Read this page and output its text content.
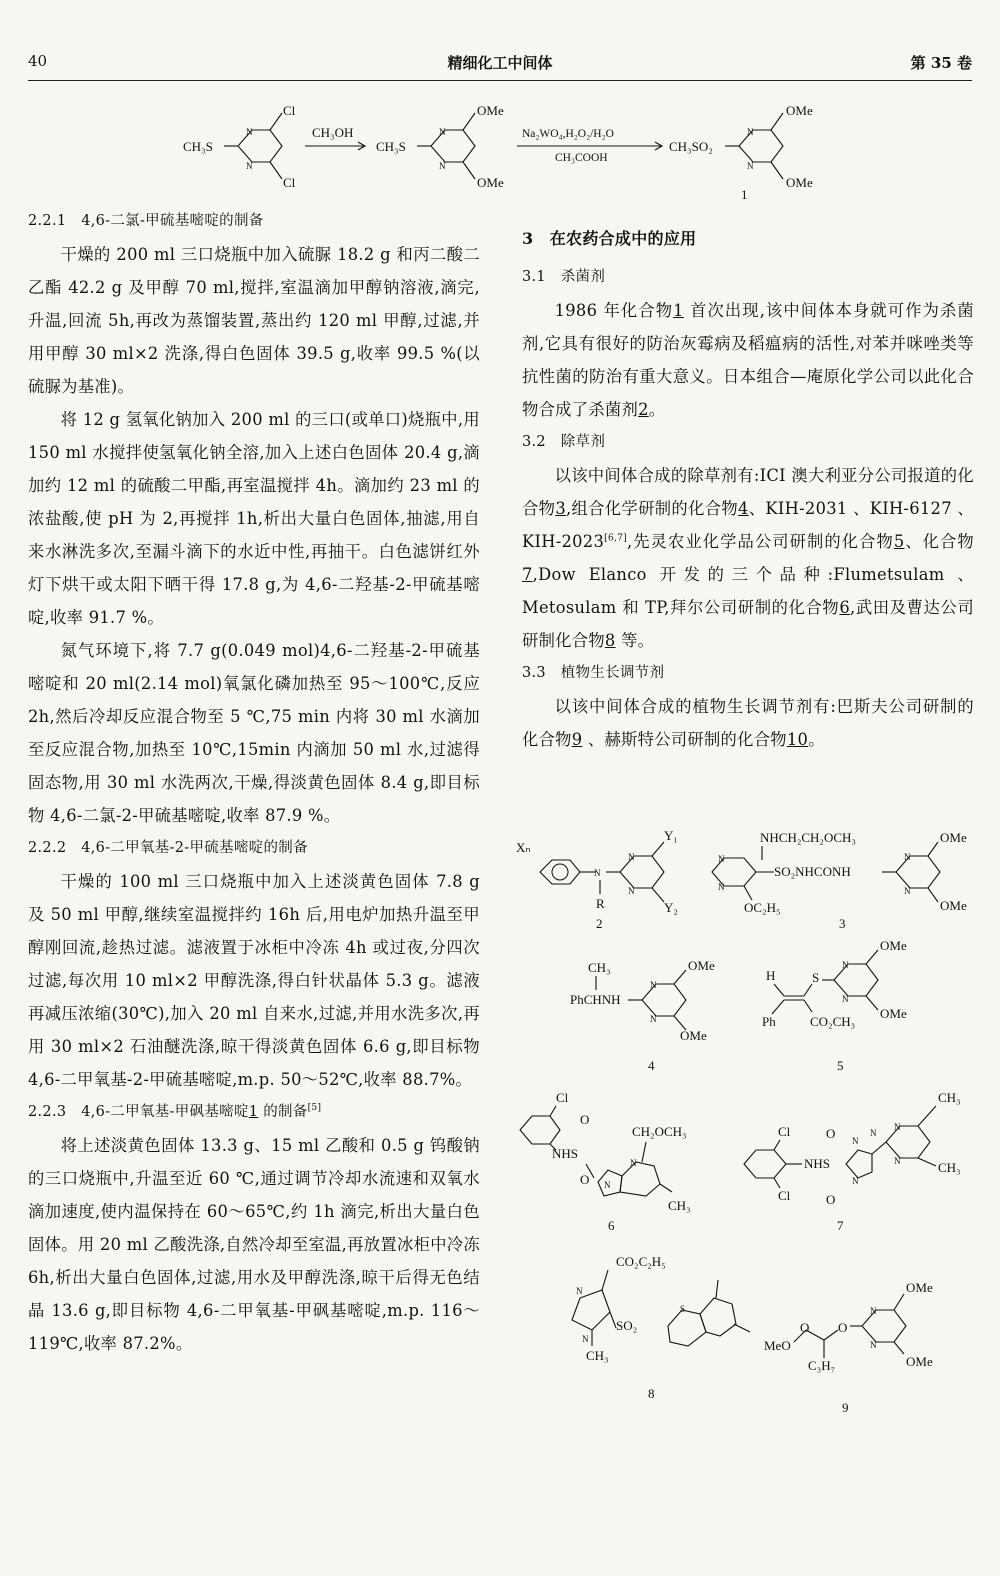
40	精细化工中间体	第 35 卷
CH₃S
N
N
Cl
Cl
CH₃OH
CH₃S
N
N
OMe
OMe
Na₂WO₄,H₂O₂/H₂O
CH₃COOH
CH₃SO₂
N
N
OMe
OMe
1

2.2.1　4,6-二氯-甲硫基嘧啶的制备

干燥的 200 ml 三口烧瓶中加入硫脲 18.2 g 和丙二酸二乙酯 42.2 g 及甲醇 70 ml,搅拌,室温滴加甲醇钠溶液,滴完,升温,回流 5h,再改为蒸馏装置,蒸出约 120 ml 甲醇,过滤,并用甲醇 30 ml×2 洗涤,得白色固体 39.5 g,收率 99.5 %(以硫脲为基准)。

将 12 g 氢氧化钠加入 200 ml 的三口(或单口)烧瓶中,用 150 ml 水搅拌使氢氧化钠全溶,加入上述白色固体 20.4 g,滴加约 12 ml 的硫酸二甲酯,再室温搅拌 4h。滴加约 23 ml 的浓盐酸,使 pH 为 2,再搅拌 1h,析出大量白色固体,抽滤,用自来水淋洗多次,至漏斗滴下的水近中性,再抽干。白色滤饼红外灯下烘干或太阳下晒干得 17.8 g,为 4,6-二羟基-2-甲硫基嘧啶,收率 91.7 %。

氮气环境下,将 7.7 g(0.049 mol)4,6-二羟基-2-甲硫基嘧啶和 20 ml(2.14 mol)氧氯化磷加热至 95～100℃,反应 2h,然后冷却反应混合物至 5 ℃,75 min 内将 30 ml 水滴加至反应混合物,加热至 10℃,15min 内滴加 50 ml 水,过滤得固态物,用 30 ml 水洗两次,干燥,得淡黄色固体 8.4 g,即目标物 4,6-二氯-2-甲硫基嘧啶,收率 87.9 %。

2.2.2　4,6-二甲氧基-2-甲硫基嘧啶的制备

干燥的 100 ml 三口烧瓶中加入上述淡黄色固体 7.8 g 及 50 ml 甲醇,继续室温搅拌约 16h 后,用电炉加热升温至甲醇刚回流,趁热过滤。滤液置于冰柜中冷冻 4h 或过夜,分四次过滤,每次用 10 ml×2 甲醇洗涤,得白针状晶体 5.3 g。滤液再减压浓缩(30℃),加入 20 ml 自来水,过滤,并用水洗多次,再用 30 ml×2 石油醚洗涤,晾干得淡黄色固体 6.6 g,即目标物 4,6-二甲氧基-2-甲硫基嘧啶,m.p. 50～52℃,收率 88.7%。

2.2.3　4,6-二甲氧基-甲砜基嘧啶1 的制备[5]

将上述淡黄色固体 13.3 g、15 ml 乙酸和 0.5 g 钨酸钠的三口烧瓶中,升温至近 60 ℃,通过调节冷却水流速和双氧水滴加速度,使内温保持在 60～65℃,约 1h 滴完,析出大量白色固体。用 20 ml 乙酸洗涤,自然冷却至室温,再放置冰柜中冷冻 6h,析出大量白色固体,过滤,用水及甲醇洗涤,晾干后得无色结晶 13.6 g,即目标物 4,6-二甲氧基-甲砜基嘧啶,m.p. 116～119℃,收率 87.2%。

3　在农药合成中的应用

3.1　杀菌剂

1986 年化合物1 首次出现,该中间体本身就可作为杀菌剂,它具有很好的防治灰霉病及稻瘟病的活性,对苯并咪唑类等抗性菌的防治有重大意义。日本组合—庵原化学公司以此化合物合成了杀菌剂2。

3.2　除草剂

以该中间体合成的除草剂有:ICI 澳大利亚分公司报道的化合物3,组合化学研制的化合物4、KIH-2031 、KIH-6127 、KIH-2023[6,7],先灵农业化学品公司研制的化合物5、化合物7,Dow Elanco 开发的三个品种:Flumetsulam 、 Metosulam 和 TP,拜尔公司研制的化合物6,武田及曹达公司研制化合物8 等。

3.3　植物生长调节剂

以该中间体合成的植物生长调节剂有:巴斯夫公司研制的化合物9 、赫斯特公司研制的化合物10。

Xₙ
N
R
N
N
Y₁
Y₂
2
NHCH₂CH₂OCH₃
N
N
SO₂NHCONH
N
N
OMe
OMe
OC₂H₅
3
CH₃
PhCHNH
N
N
OMe
OMe
4
H	S
N
N
OMe
OMe
Ph	CO₂CH₃
5
Cl
NHS
O
O
N
N
CH₂OCH₃
CH₃
6
Cl
Cl
NHS
O
O
N
N
N
N
N
CH₃
CH₃
7
CO₂C₂H₅
N
N
CH₃
SO₂
S
8
O
MeO
O
C₃H₇
N
N
OMe
OMe
9
